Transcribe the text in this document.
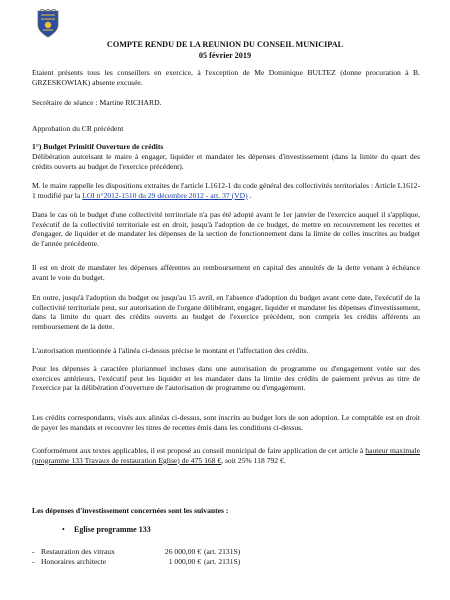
COMPTE RENDU DE LA REUNION DU CONSEIL MUNICIPAL
05 février 2019
Etaient présents tous les conseillers en exercice, à l'exception de Me Dominique BULTEZ (donne procuration à B. GRZESKOWIAK) absente excusée.
Secrétaire de séance : Martine RICHARD.
Approbation du CR précédent
1°) Budget Primitif Ouverture de crédits
Délibération autorisant le maire à engager, liquider et mandater les dépenses d'investissement (dans la limite du quart des crédits ouverts au budget de l'exercice précédent).
M. le maire rappelle les dispositions extraites de l'article L1612-1 du code général des collectivités territoriales : Article L1612-1 modifié par la LOI n°2012-1510 du 29 décembre 2012 - art. 37 (VD) .
Dans le cas où le budget d'une collectivité territoriale n'a pas été adopté avant le 1er janvier de l'exercice auquel il s'applique, l'exécutif de la collectivité territoriale est en droit, jusqu'à l'adoption de ce budget, de mettre en recouvrement les recettes et d'engager, de liquider et de mandater les dépenses de la section de fonctionnement dans la limite de celles inscrites au budget de l'année précédente.
Il est en droit de mandater les dépenses afférentes au remboursement en capital des annuités de la dette venant à échéance avant le vote du budget.
En outre, jusqu'à l'adoption du budget ou jusqu'au 15 avril, en l'absence d'adoption du budget avant cette date, l'exécutif de la collectivité territoriale peut, sur autorisation de l'organe délibérant, engager, liquider et mandater les dépenses d'investissement, dans la limite du quart des crédits ouverts au budget de l'exercice précédent, non compris les crédits afférents au remboursement de la dette.
L'autorisation mentionnée à l'alinéa ci-dessus précise le montant et l'affectation des crédits.
Pour les dépenses à caractère pluriannuel incluses dans une autorisation de programme ou d'engagement votée sur des exercices antérieurs, l'exécutif peut les liquider et les mandater dans la limite des crédits de paiement prévus au titre de l'exercice par la délibération d'ouverture de l'autorisation de programme ou d'engagement.
Les crédits correspondants, visés aux alinéas ci-dessus, sont inscrits au budget lors de son adoption. Le comptable est en droit de payer les mandats et recouvrer les titres de recettes émis dans les conditions ci-dessus.
Conformément aux textes applicables, il est proposé au conseil municipal de faire application de cet article à hauteur maximale (programme 133 Travaux de restauration Eglise) de 475 168 €, soit 25% 118 792 €.
Les dépenses d'investissement concernées sont les suivantes :
• Eglise programme 133
- Restauration des vitraux	26 000,00 € (art. 2131S)
- Honoraires architecte	1 000,00 € (art. 2131S)
